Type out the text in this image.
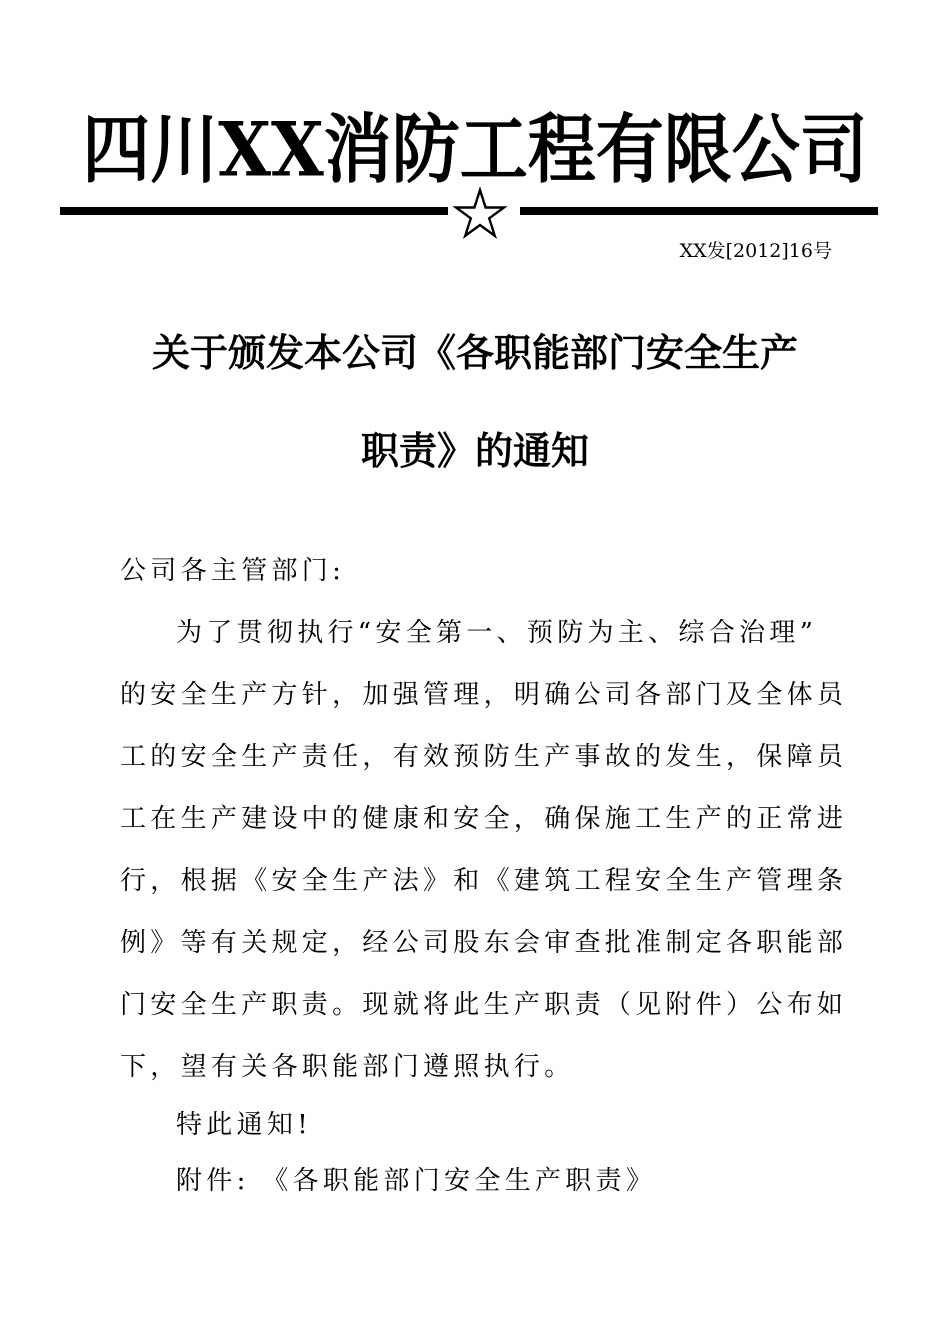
四川XX消防工程有限公司
XX发[2012]16号
关于颁发本公司《各职能部门安全生产
职责》的通知
公司各主管部门:
为了贯彻执行“安全第一、预防为主、综合治理”
的安全生产方针，加强管理，明确公司各部门及全体员
工的安全生产责任，有效预防生产事故的发生，保障员
工在生产建设中的健康和安全，确保施工生产的正常进
行，根据《安全生产法》和《建筑工程安全生产管理条
例》等有关规定，经公司股东会审查批准制定各职能部
门安全生产职责。现就将此生产职责（见附件）公布如
下，望有关各职能部门遵照执行。
特此通知!
附件: 《各职能部门安全生产职责》
